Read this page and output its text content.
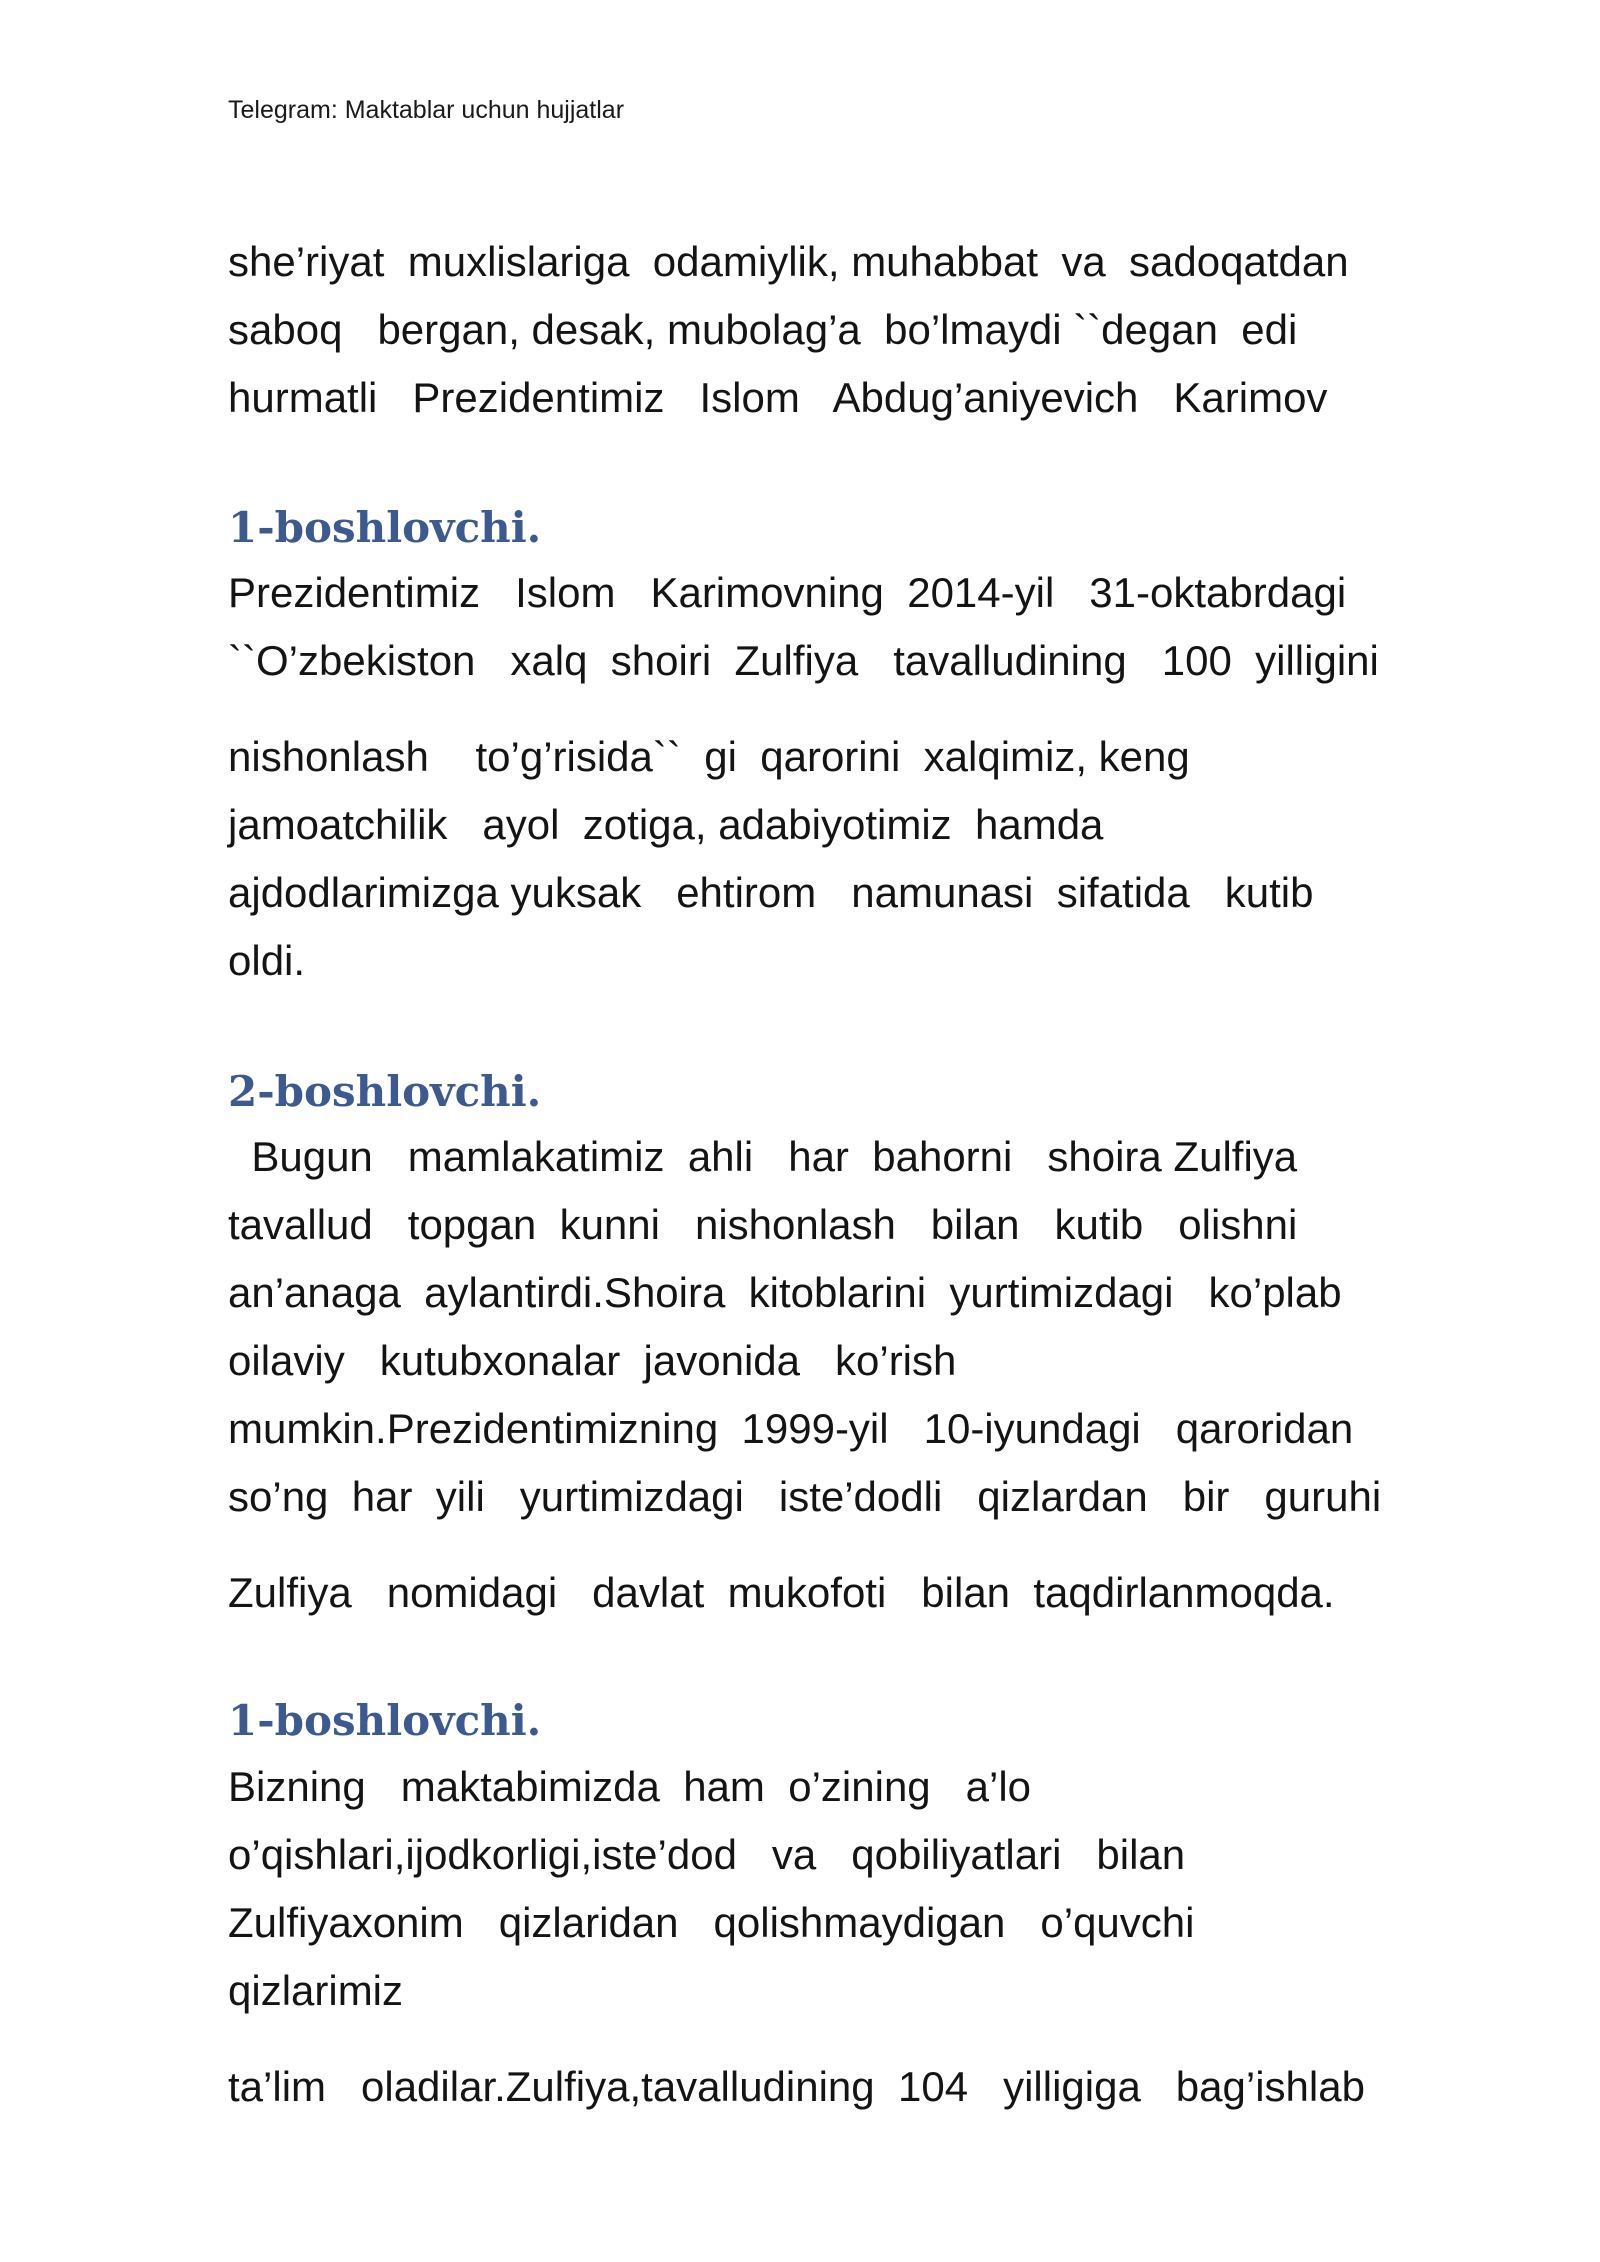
Telegram: Maktablar uchun hujjatlar
she’riyat  muxlislariga  odamiylik, muhabbat  va  sadoqatdan
saboq   bergan, desak, mubolag’a  bo’lmaydi ``degan  edi
hurmatli   Prezidentimiz   Islom   Abdug’aniyevich   Karimov
1-boshlovchi.
Prezidentimiz   Islom   Karimovning  2014-yil   31-oktabrdagi
``O’zbekiston   xalq  shoiri  Zulfiya   tavalludining   100  yilligini
nishonlash    to’g’risida``  gi  qarorini  xalqimiz, keng
jamoatchilik   ayol  zotiga, adabiyotimiz  hamda
ajdodlarimizga yuksak   ehtirom   namunasi  sifatida   kutib
oldi.
2-boshlovchi.
Bugun   mamlakatimiz  ahli   har  bahorni   shoira Zulfiya
tavallud   topgan  kunni   nishonlash   bilan   kutib   olishni
an’anaga  aylantirdi.Shoira  kitoblarini  yurtimizdagi   ko’plab
oilaviy   kutubxonalar  javonida   ko’rish
mumkin.Prezidentimizning  1999-yil   10-iyundagi   qaroridan
so’ng  har  yili   yurtimizdagi   iste’dodli   qizlardan   bir   guruhi
Zulfiya   nomidagi   davlat  mukofoti   bilan  taqdirlanmoqda.
1-boshlovchi.
Bizning   maktabimizda  ham  o’zining   a’lo
o’qishlari,ijodkorligi,iste’dod   va   qobiliyatlari   bilan
Zulfiyaxonim   qizlaridan   qolishmaydigan   o’quvchi
qizlarimiz
ta’lim   oladilar.Zulfiya,tavalludining  104   yilligiga   bag’ishlab
